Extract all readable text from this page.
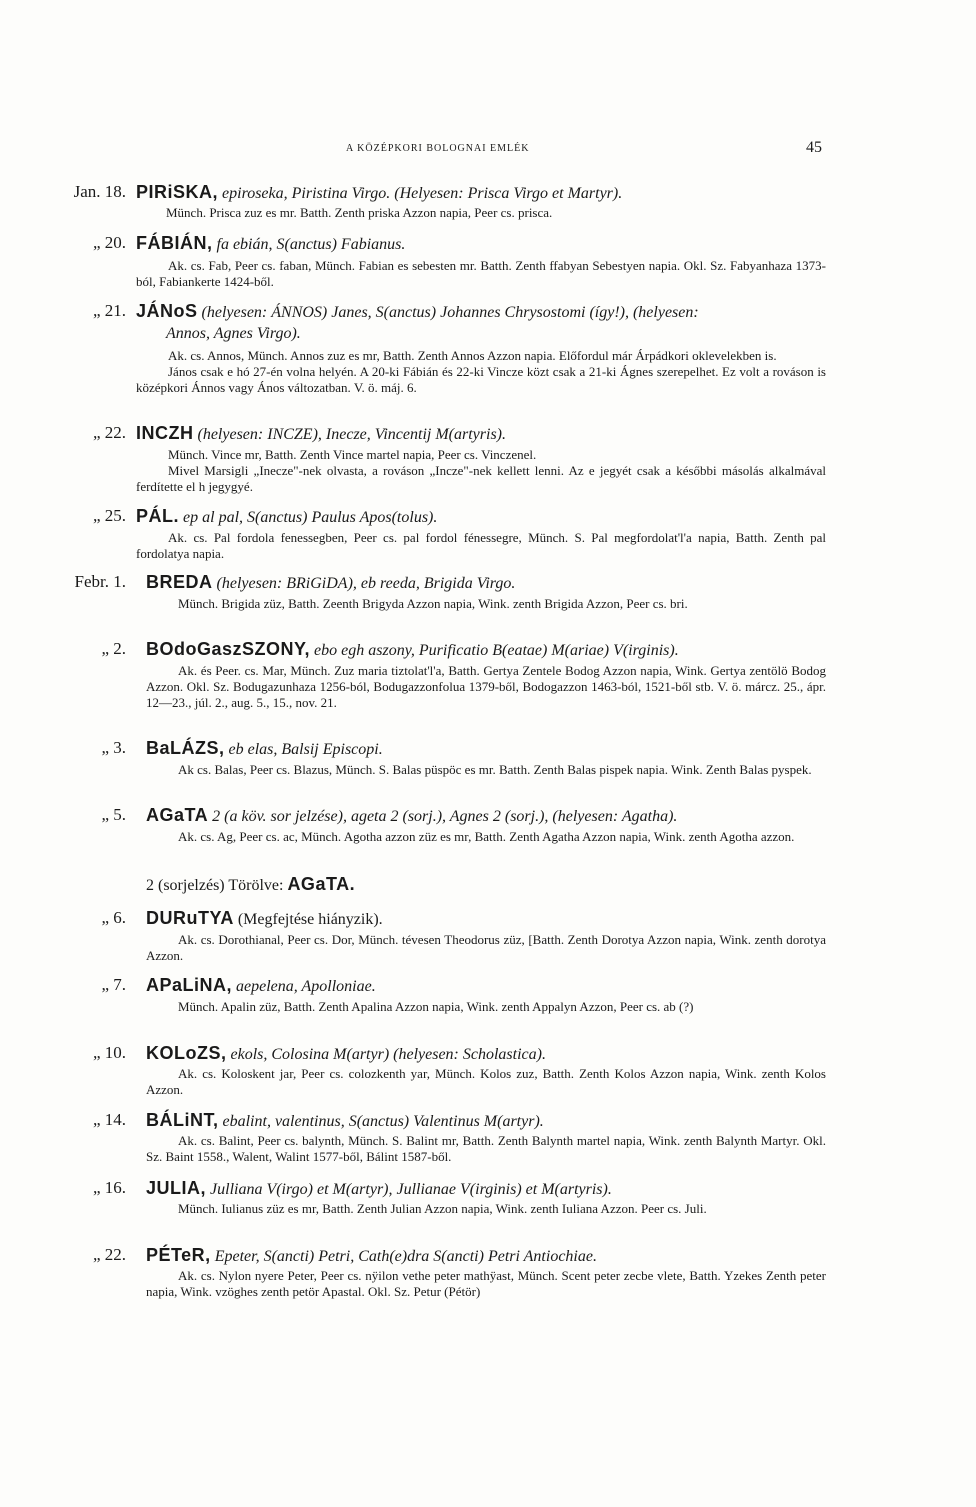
A KÖZÉPKORI BOLOGNAI EMLÉK	45
Jan. 18. PIRiSKA, epiroseka, Piristina Virgo. (Helyesen: Prisca Virgo et Martyr).

Münch. Prisca zuz es mr. Batth. Zenth priska Azzon napia, Peer cs. prisca.

„ 20. FÁBIÁN, fa ebián, S(anctus) Fabianus.

Ak. cs. Fab, Peer cs. faban, Münch. Fabian es sebesten mr. Batth. Zenth ffabyan Sebestyen napia. Okl. Sz. Fabyanhaza 1373-ból, Fabiankerte 1424-ből.

„ 21. JÁNoS (helyesen: ÁNNOS) Janes, S(anctus) Johannes Chrysostomi (így!), (helyesen:
Annos, Agnes Virgo).

Ak. cs. Annos, Münch. Annos zuz es mr, Batth. Zenth Annos Azzon napia. Előfordul már Árpádkori oklevelekben is.

János csak e hó 27-én volna helyén. A 20-ki Fábián és 22-ki Vincze közt csak a 21-ki Ágnes szerepelhet. Ez volt a rováson is középkori Ánnos vagy Ános változatban. V. ö. máj. 6.

„ 22. INCZH (helyesen: INCZE), Inecze, Vincentij M(artyris).

Münch. Vince mr, Batth. Zenth Vince martel napia, Peer cs. Vinczenel.

Mivel Marsigli „Inecze"-nek olvasta, a rováson „Incze"-nek kellett lenni. Az e jegyét csak a későbbi másolás alkalmával ferdítette el h jegygyé.

„ 25. PÁL. ep al pal, S(anctus) Paulus Apos(tolus).

Ak. cs. Pal fordola fenessegben, Peer cs. pal fordol fénessegre, Münch. S. Pal megfordolat'l'a napia, Batth. Zenth pal fordolatya napia.

Febr. 1. BREDA (helyesen: BRiGiDA), eb reeda, Brigida Virgo.

Münch. Brigida züz, Batth. Zeenth Brigyda Azzon napia, Wink. zenth Brigida Azzon, Peer cs. bri.

„ 2. BOdoGaszSZONY, ebo egh aszony, Purificatio B(eatae) M(ariae) V(irginis).

Ak. és Peer. cs. Mar, Münch. Zuz maria tiztolat'l'a, Batth. Gertya Zentele Bodog Azzon napia, Wink. Gertya zentölö Bodog Azzon. Okl. Sz. Bodugazunhaza 1256-ból, Bodugazzonfolua 1379-ből, Bodogazzon 1463-ból, 1521-ből stb. V. ö. márcz. 25., ápr. 12—23., júl. 2., aug. 5., 15., nov. 21.

„ 3. BaLÁZS, eb elas, Balsij Episcopi.

Ak cs. Balas, Peer cs. Blazus, Münch. S. Balas püspöc es mr. Batth. Zenth Balas pispek napia. Wink. Zenth Balas pyspek.

„ 5. AGaTA 2 (a köv. sor jelzése), ageta 2 (sorj.), Agnes 2 (sorj.), (helyesen: Agatha).

Ak. cs. Ag, Peer cs. ac, Münch. Agotha azzon züz es mr, Batth. Zenth Agatha Azzon napia, Wink. zenth Agotha azzon.

2 (sorjelzés) Törölve: AGaTA.
„ 6. DURuTYA (Megfejtése hiányzik).

Ak. cs. Dorothianal, Peer cs. Dor, Münch. tévesen Theodorus züz, [Batth. Zenth Dorotya Azzon napia, Wink. zenth dorotya Azzon.

„ 7. APaLiNA, aepelena, Apolloniae.

Münch. Apalin züz, Batth. Zenth Apalina Azzon napia, Wink. zenth Appalyn Azzon, Peer cs. ab (?)

„ 10. KOLoZS, ekols, Colosina M(artyr) (helyesen: Scholastica).

Ak. cs. Koloskent jar, Peer cs. colozkenth yar, Münch. Kolos zuz, Batth. Zenth Kolos Azzon napia, Wink. zenth Kolos Azzon.

„ 14. BÁLiNT, ebalint, valentinus, S(anctus) Valentinus M(artyr).

Ak. cs. Balint, Peer cs. balynth, Münch. S. Balint mr, Batth. Zenth Balynth martel napia, Wink. zenth Balynth Martyr. Okl. Sz. Baint 1558., Walent, Walint 1577-ből, Bálint 1587-ből.

„ 16. JULIA, Julliana V(irgo) et M(artyr), Jullianae V(irginis) et M(artyris).

Münch. Iulianus züz es mr, Batth. Zenth Julian Azzon napia, Wink. zenth Iuliana Azzon. Peer cs. Juli.

„ 22. PÉTeR, Epeter, S(ancti) Petri, Cath(e)dra S(ancti) Petri Antiochiae.

Ak. cs. Nylon nyere Peter, Peer cs. nÿilon vethe peter mathÿast, Münch. Scent peter zecbe vlete, Batth. Yzekes Zenth peter napia, Wink. vzöghes zenth petör Apastal. Okl. Sz. Petur (Pétör)
